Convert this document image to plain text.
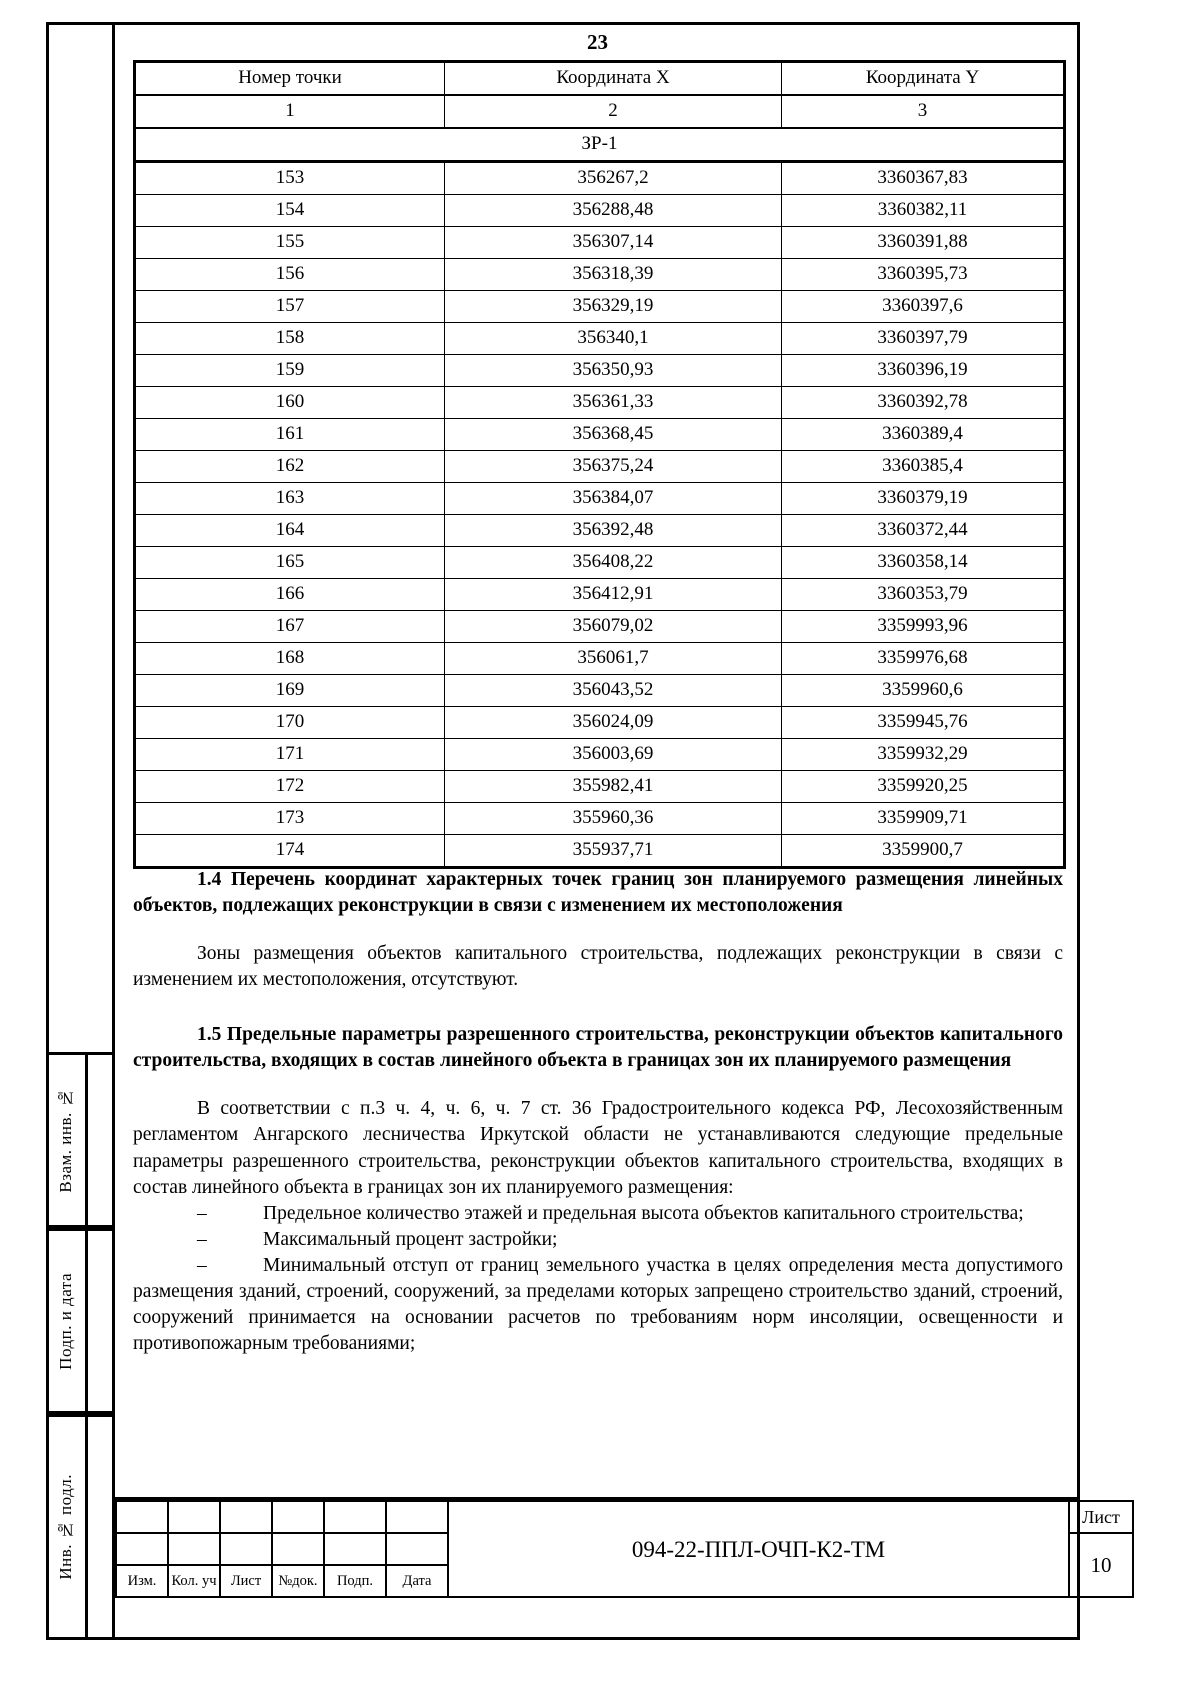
Взам. инв. №
Подп. и дата
Инв. № подл.
23
Номер точки	Координата X	Координата Y
1	2	3
ЗР-1		
153	356267,2	3360367,83
154	356288,48	3360382,11
155	356307,14	3360391,88
156	356318,39	3360395,73
157	356329,19	3360397,6
158	356340,1	3360397,79
159	356350,93	3360396,19
160	356361,33	3360392,78
161	356368,45	3360389,4
162	356375,24	3360385,4
163	356384,07	3360379,19
164	356392,48	3360372,44
165	356408,22	3360358,14
166	356412,91	3360353,79
167	356079,02	3359993,96
168	356061,7	3359976,68
169	356043,52	3359960,6
170	356024,09	3359945,76
171	356003,69	3359932,29
172	355982,41	3359920,25
173	355960,36	3359909,71
174	355937,71	3359900,7

1.4 Перечень координат характерных точек границ зон планируемого размещения линейных объектов, подлежащих реконструкции в связи с изменением их местоположения

Зоны размещения объектов капитального строительства, подлежащих реконструкции в связи с изменением их местоположения, отсутствуют.

1.5 Предельные параметры разрешенного строительства, реконструкции объектов капитального строительства, входящих в состав линейного объекта в границах зон их планируемого размещения

В соответствии с п.3 ч. 4, ч. 6, ч. 7 ст. 36 Градостроительного кодекса РФ, Лесохозяйственным регламентом Ангарского лесничества Иркутской области не устанавливаются следующие предельные параметры разрешенного строительства, реконструкции объектов капитального строительства, входящих в состав линейного объекта в границах зон их планируемого размещения:

–	Предельное количество этажей и предельная высота объектов капитального строительства;

–	Максимальный процент застройки;

–	Минимальный отступ от границ земельного участка в целях определения места допустимого размещения зданий, строений, сооружений, за пределами которых запрещено строительство зданий, строений, сооружений принимается на основании расчетов по требованиям норм инсоляции, освещенности и противопожарным требованиями;

						094-22-ППЛ-ОЧП-К2-ТМ	Лист
							10
Изм.	Кол. уч	Лист	№док.	Подп.	Дата		
